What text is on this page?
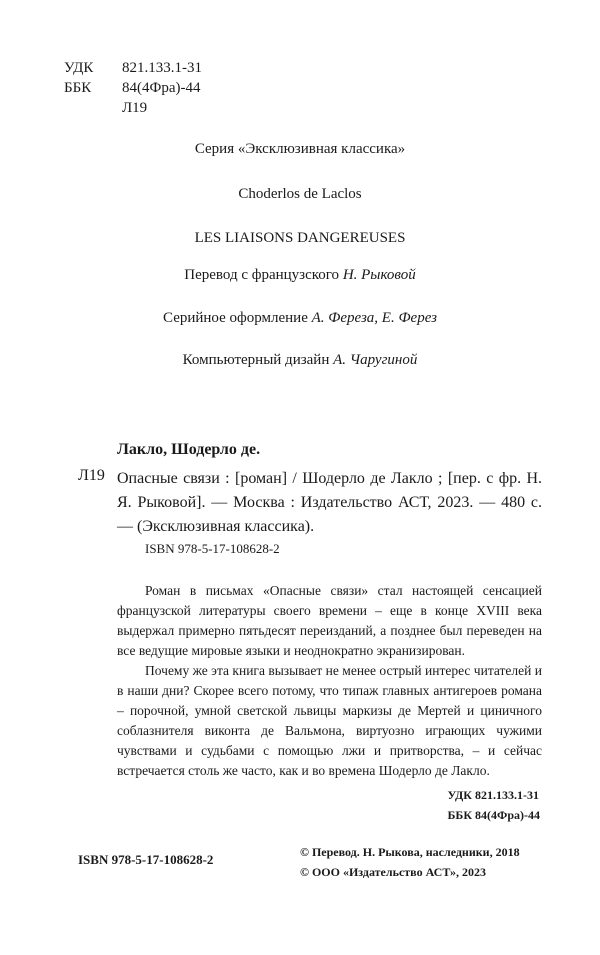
УДК	821.133.1-31
ББК	84(4Фра)-44
Л19
Серия «Эксклюзивная классика»
Choderlos de Laclos
LES LIAISONS DANGEREUSES
Перевод с французского Н. Рыковой
Серийное оформление А. Фереза, Е. Ферез
Компьютерный дизайн А. Чаругиной
Лакло, Шодерло де.
Л19 Опасные связи : [роман] / Шодерло де Лакло ; [пер. с фр. Н. Я. Рыковой]. — Москва : Издательство АСТ, 2023. — 480 с. — (Эксклюзивная классика).
ISBN 978-5-17-108628-2

Роман в письмах «Опасные связи» стал настоящей сенсацией французской литературы своего времени – еще в конце XVIII века выдержал примерно пятьдесят переизданий, а позднее был переведен на все ведущие мировые языки и неоднократно экранизирован.

Почему же эта книга вызывает не менее острый интерес читателей и в наши дни? Скорее всего потому, что типаж главных антигероев романа – порочной, умной светской львицы маркизы де Мертей и циничного соблазнителя виконта де Вальмона, виртуозно играющих чужими чувствами и судьбами с помощью лжи и притворства, – и сейчас встречается столь же часто, как и во времена Шодерло де Лакло.

УДК 821.133.1-31
ББК 84(4Фра)-44
ISBN 978-5-17-108628-2	© Перевод. Н. Рыкова, наследники, 2018
© ООО «Издательство АСТ», 2023
